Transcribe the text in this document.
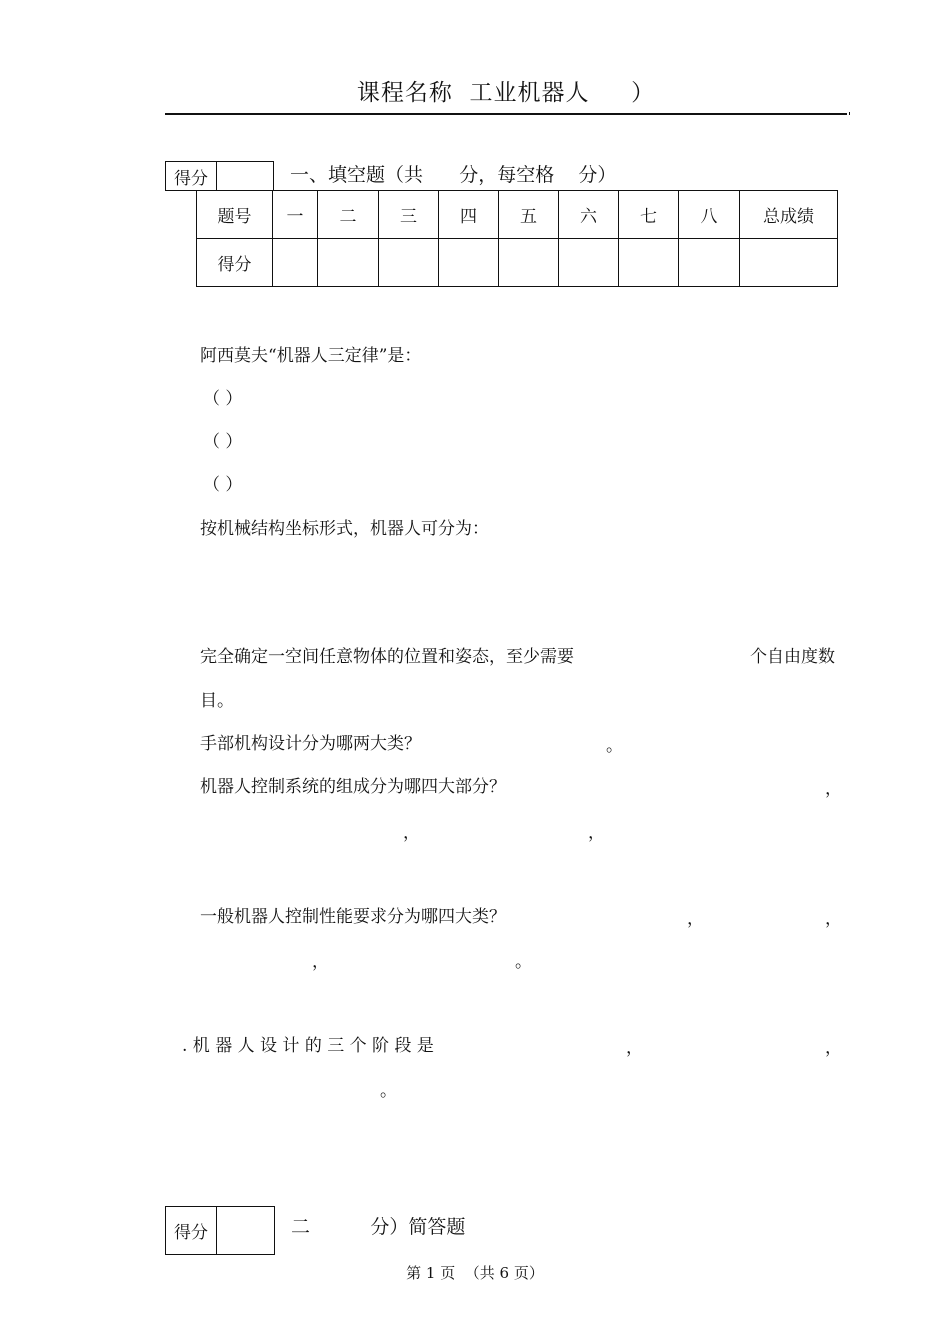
课程名称  工业机器人     ）
得分	一、填空题（共      分，每空格    分）
题号	一	二	三	四	五	六	七	八	总成绩
得分									
阿西莫夫“机器人三定律”是：
（ ）
（ ）
（ ）
按机械结构坐标形式，机器人可分为：
完全确定一空间任意物体的位置和姿态，至少需要	个自由度数
目。
手部机构设计分为哪两大类？	。
机器人控制系统的组成分为哪四大部分？	，
，	，
一般机器人控制性能要求分为哪四大类？	，	，
，	。
. 机 器 人 设 计 的 三 个 阶 段 是	，	，
。
得分	二          分）简答题
第 1 页  （共 6 页）
